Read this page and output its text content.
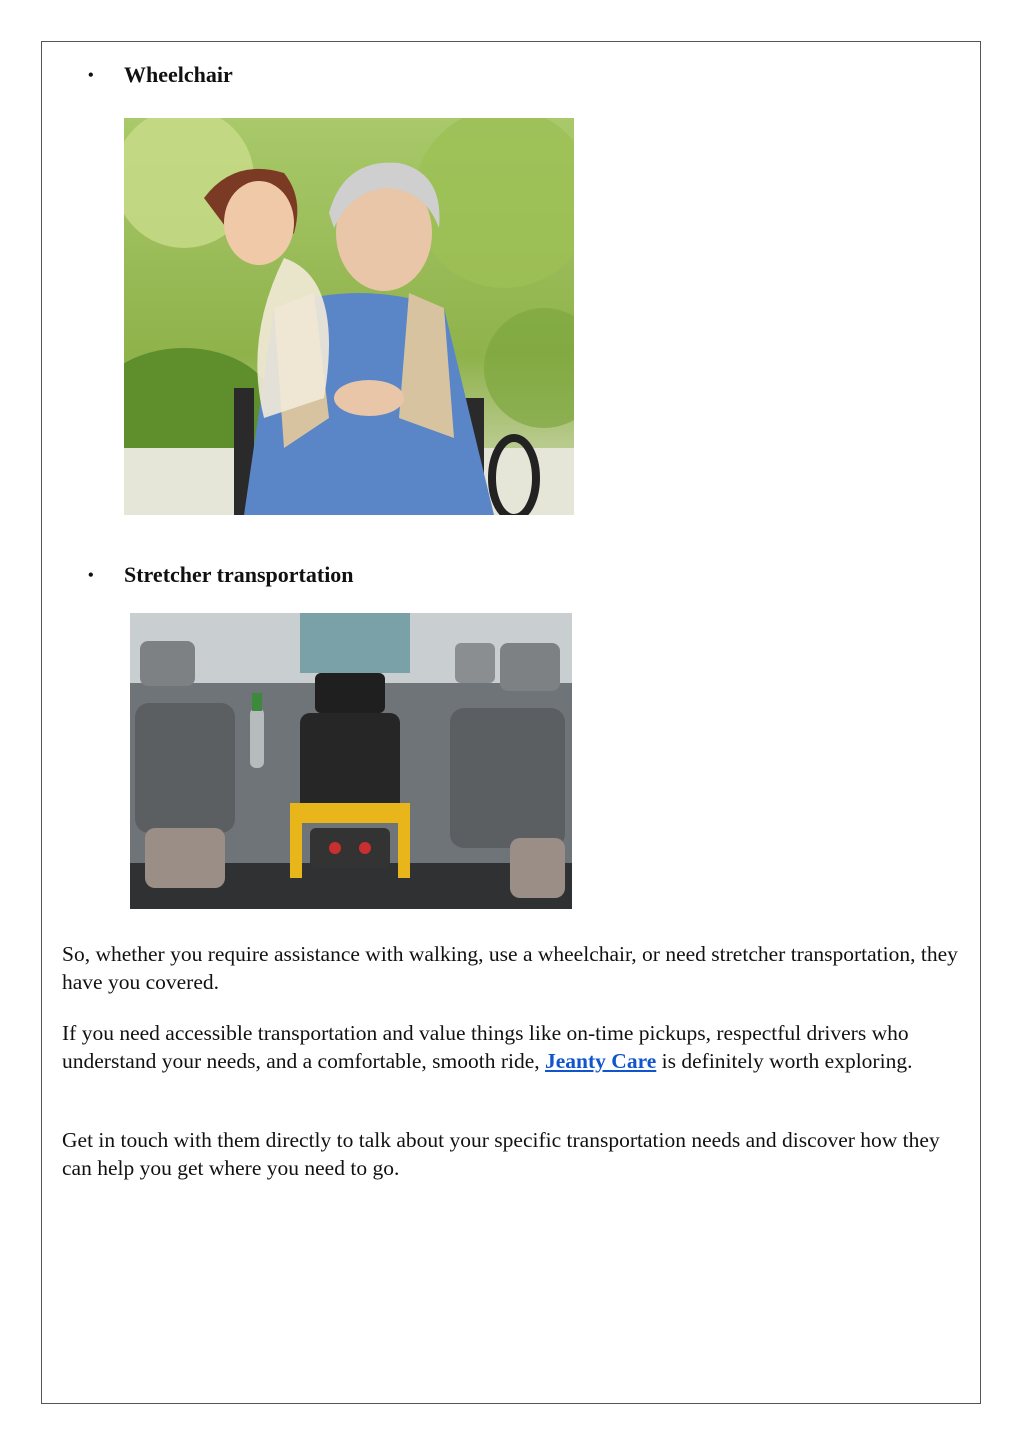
•	Wheelchair
•	Stretcher transportation

So, whether you require assistance with walking, use a wheelchair, or need stretcher transportation, they have you covered.

If you need accessible transportation and value things like on-time pickups, respectful drivers who understand your needs, and a comfortable, smooth ride, Jeanty Care is definitely worth exploring.

Get in touch with them directly to talk about your specific transportation needs and discover how they can help you get where you need to go.
